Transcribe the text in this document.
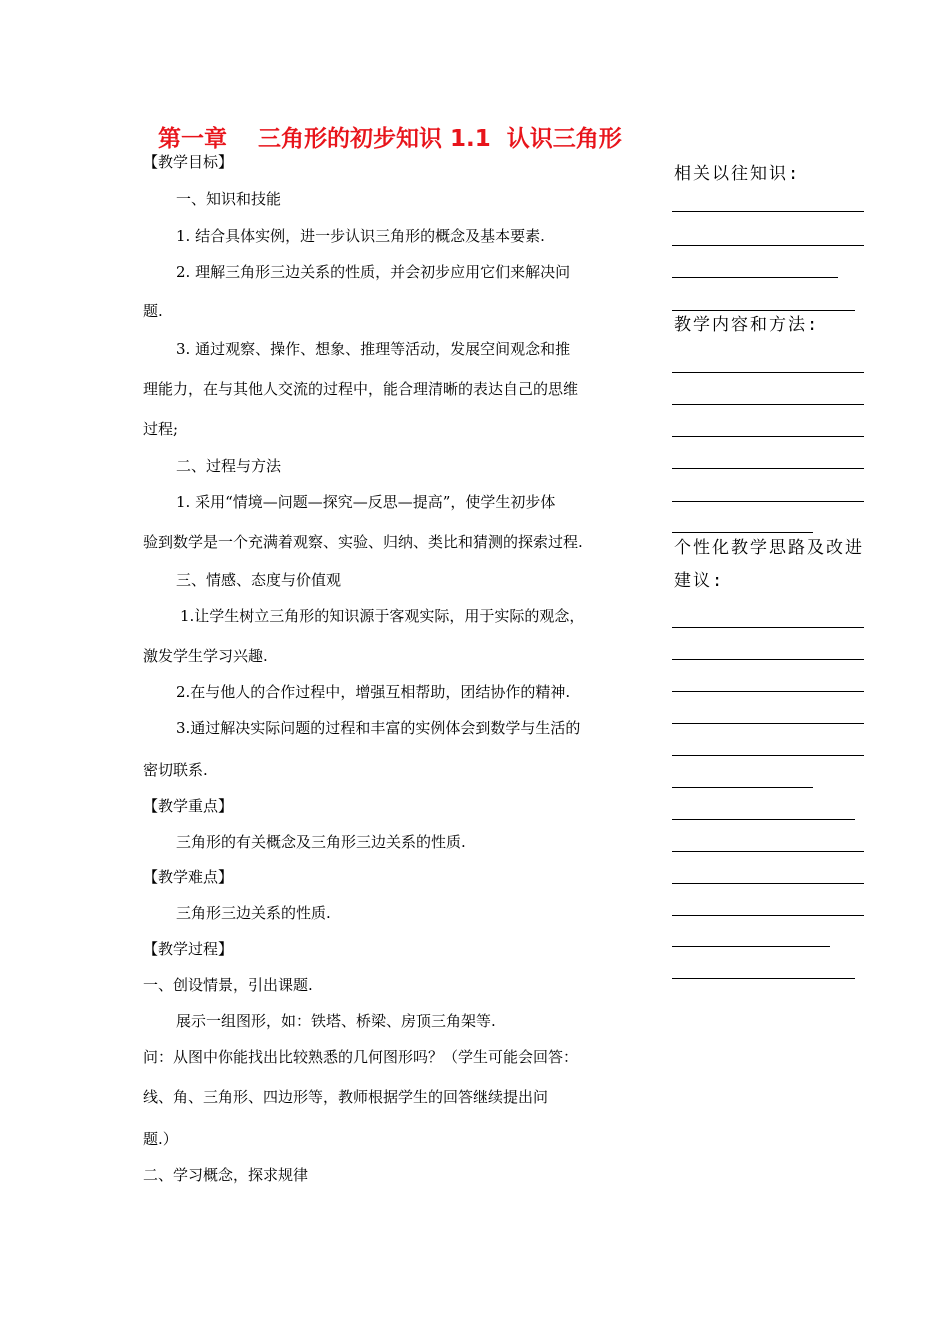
第一章　 三角形的初步知识 1.1  认识三角形
【教学目标】
一、知识和技能
1. 结合具体实例，进一步认识三角形的概念及基本要素.
2. 理解三角形三边关系的性质，并会初步应用它们来解决问
题.
3. 通过观察、操作、想象、推理等活动，发展空间观念和推
理能力，在与其他人交流的过程中，能合理清晰的表达自己的思维
过程;
二、过程与方法
1. 采用“情境—问题—探究—反思—提高”，使学生初步体
验到数学是一个充满着观察、实验、归纳、类比和猜测的探索过程.
三、情感、态度与价值观
1.让学生树立三角形的知识源于客观实际，用于实际的观念，
激发学生学习兴趣.
2.在与他人的合作过程中，增强互相帮助，团结协作的精神.
3.通过解决实际问题的过程和丰富的实例体会到数学与生活的
密切联系.
【教学重点】
三角形的有关概念及三角形三边关系的性质.
【教学难点】
三角形三边关系的性质.
【教学过程】
一、创设情景，引出课题.
展示一组图形，如：铁塔、桥梁、房顶三角架等.
问：从图中你能找出比较熟悉的几何图形吗？（学生可能会回答：
线、角、三角形、四边形等，教师根据学生的回答继续提出问
题.）
二、学习概念，探求规律
相关以往知识:
教学内容和方法:
个性化教学思路及改进
建议:
